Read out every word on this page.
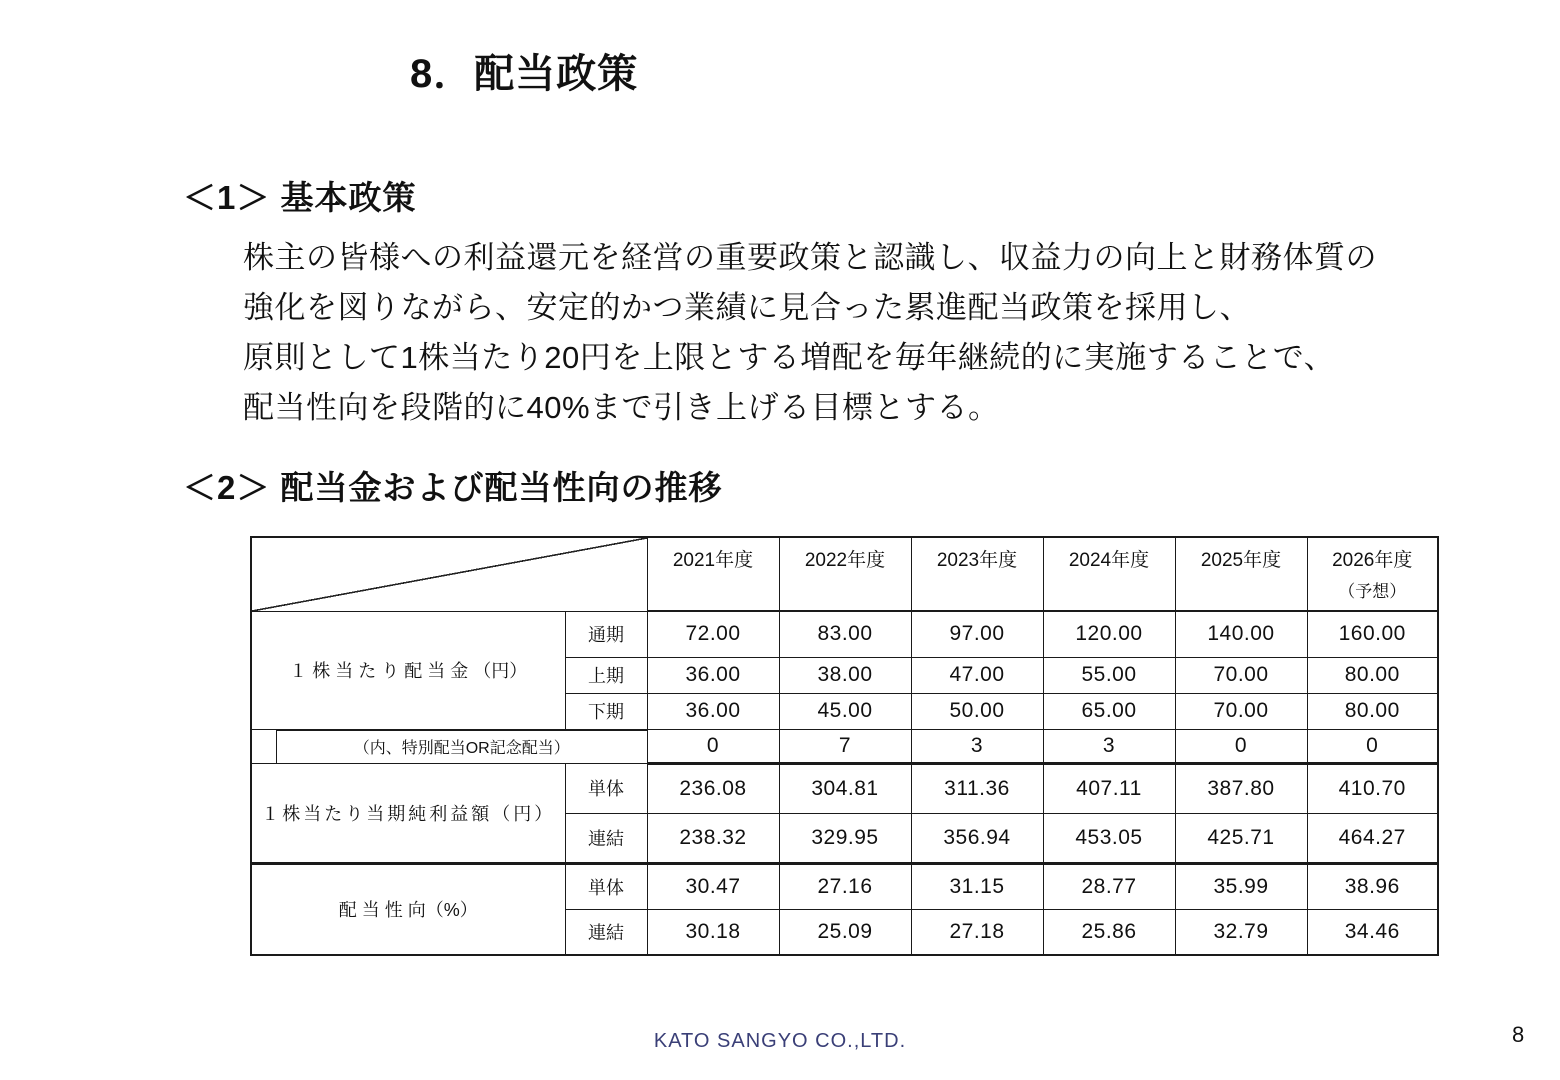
8．配当政策
＜1＞ 基本政策
株主の皆様への利益還元を経営の重要政策と認識し、収益力の向上と財務体質の
強化を図りながら、安定的かつ業績に見合った累進配当政策を採用し、
原則として1株当たり20円を上限とする増配を毎年継続的に実施することで、
配当性向を段階的に40%まで引き上げる目標とする。
＜2＞ 配当金および配当性向の推移
		2021年度	2022年度	2023年度	2024年度	2025年度	2026年度
（予想）

１ 株 当 た り 配 当 金 （円）	通期	72.00	83.00	97.00	120.00	140.00	160.00
	上期	36.00	38.00	47.00	55.00	70.00	80.00
	下期	36.00	45.00	50.00	65.00	70.00	80.00

（内、特別配当OR記念配当）		0	7	3	3	0	0
１株当たり当期純利益額（円）	単体	236.08	304.81	311.36	407.11	387.80	410.70
	連結	238.32	329.95	356.94	453.05	425.71	464.27
配 当 性 向（%）	単体	30.47	27.16	31.15	28.77	35.99	38.96
	連結	30.18	25.09	27.18	25.86	32.79	34.46
KATO SANGYO CO.,LTD.	8
